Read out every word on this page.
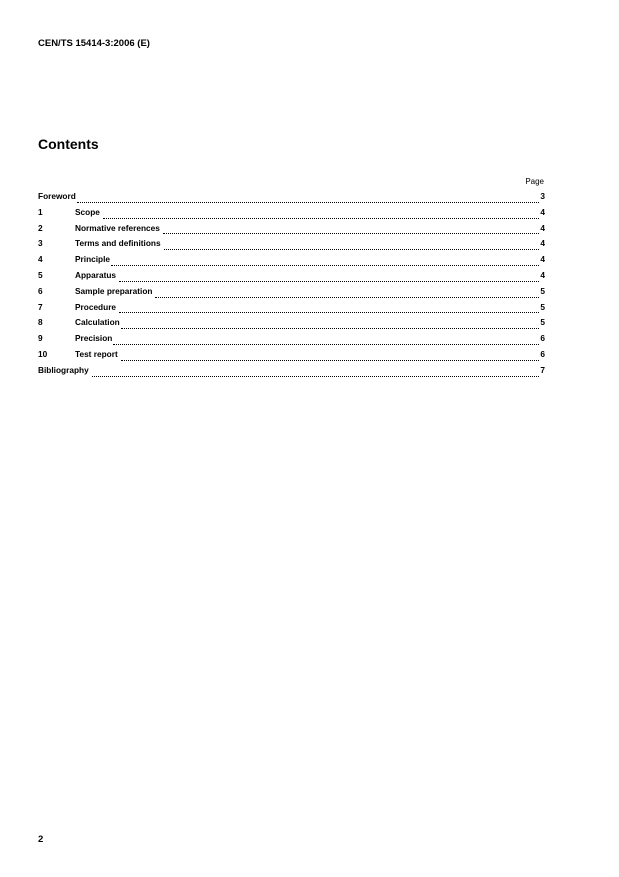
CEN/TS 15414-3:2006 (E)
Contents
Page
Foreword	3
1	Scope	4
2	Normative references	4
3	Terms and definitions	4
4	Principle	4
5	Apparatus	4
6	Sample preparation	5
7	Procedure	5
8	Calculation	5
9	Precision	6
10	Test report	6
Bibliography	7
2
